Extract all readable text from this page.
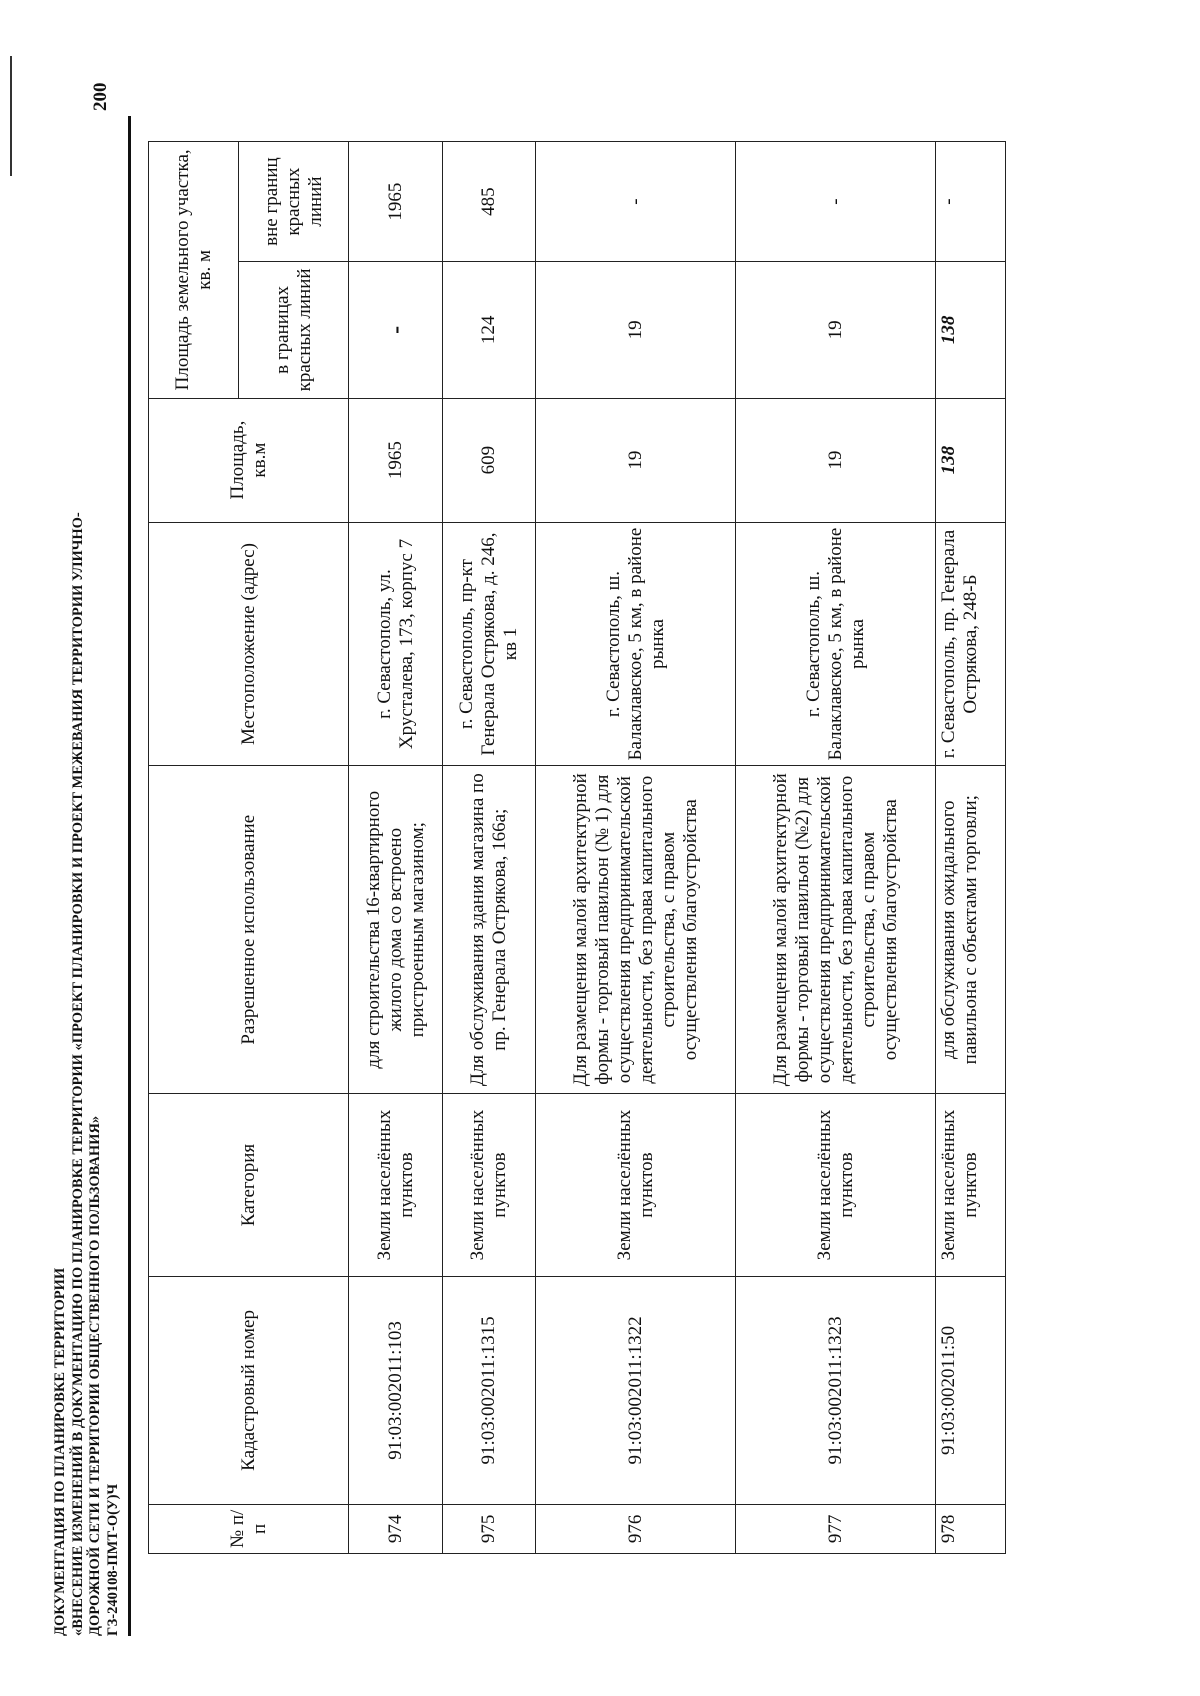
ДОКУМЕНТАЦИЯ ПО ПЛАНИРОВКЕ ТЕРРИТОРИИ «ВНЕСЕНИЕ ИЗМЕНЕНИЙ В ДОКУМЕНТАЦИЮ ПО ПЛАНИРОВКЕ ТЕРРИТОРИИ «ПРОЕКТ ПЛАНИРОВКИ И ПРОЕКТ МЕЖЕВАНИЯ ТЕРРИТОРИИ УЛИЧНО- ДОРОЖНОЙ СЕТИ И ТЕРРИТОРИИ ОБЩЕСТВЕННОГО ПОЛЬЗОВАНИЯ» ГЗ-240108-ПМТ-О(У)Ч
200
№ п/п	Кадастровый номер	Категория	Разрешенное использование	Местоположение (адрес)	Площадь, кв.м	Площадь земельного участка, кв. м	
						в границах красных линий	вне границ красных линий
974	91:03:002011:103	Земли населённых пунктов	для строительства 16-квартирного жилого дома со встроено пристроенным магазином;	г. Севастополь, ул. Хрусталева, 173, корпус 7	1965	-	1965
975	91:03:002011:1315	Земли населённых пунктов	Для обслуживания здания магазина по пр. Генерала Острякова, 166а;	г. Севастополь, пр-кт Генерала Острякова, д. 246, кв 1	609	124	485
976	91:03:002011:1322	Земли населённых пунктов	Для размещения малой архитектурной формы - торговый павильон (№ 1) для осуществления предпринимательской деятельности, без права капитального строительства, с правом осуществления благоустройства	г. Севастополь, ш. Балаклавское, 5 км, в районе рынка	19	19	-
977	91:03:002011:1323	Земли населённых пунктов	Для размещения малой архитектурной формы - торговый павильон (№2) для осуществления предпринимательской деятельности, без права капитального строительства, с правом осуществления благоустройства	г. Севастополь, ш. Балаклавское, 5 км, в районе рынка	19	19	-
978	91:03:002011:50	Земли населённых пунктов	для обслуживания ожидального павильона с объектами торговли;	г. Севастополь, пр. Генерала Острякова, 248-Б	138	138	-
